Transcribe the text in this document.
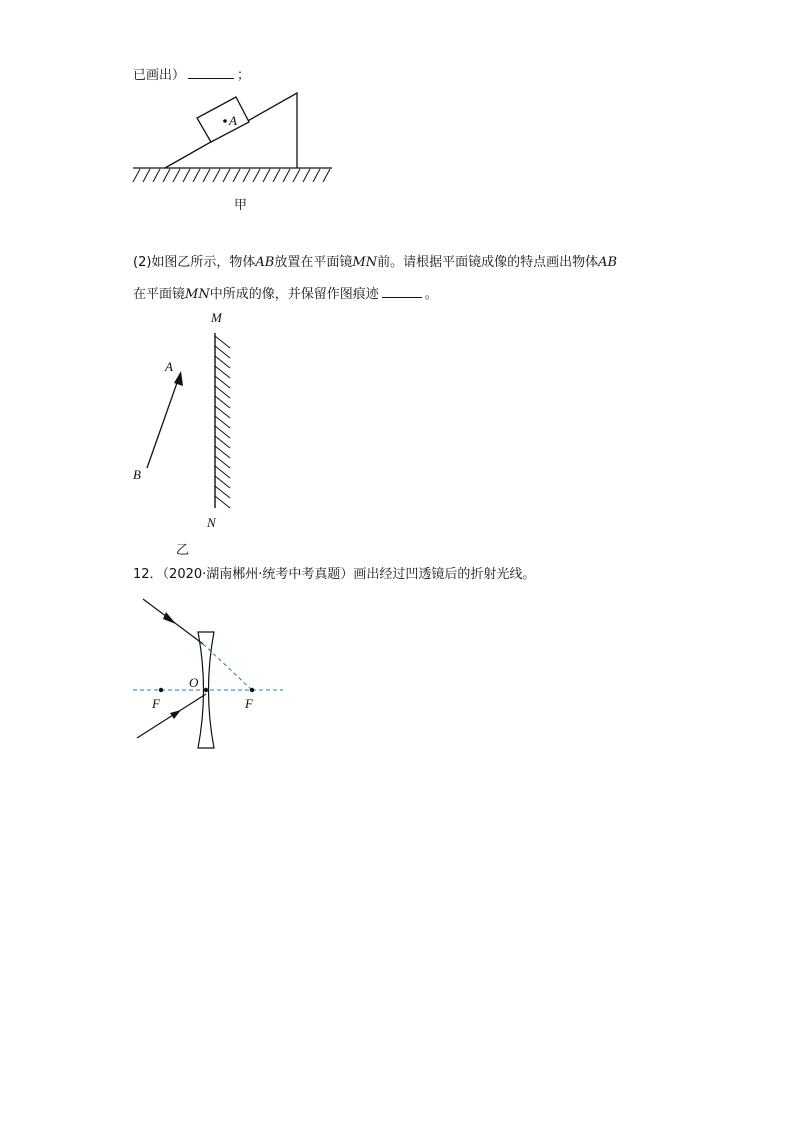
已画出）	；
A
甲
(2)如图乙所示，物体AB放置在平面镜MN前。请根据平面镜成像的特点画出物体AB
在平面镜MN中所成的像，并保留作图痕迹	。
M
N
A
B
乙
12．（2020·湖南郴州·统考中考真题）画出经过凹透镜后的折射光线。
O
F	F
